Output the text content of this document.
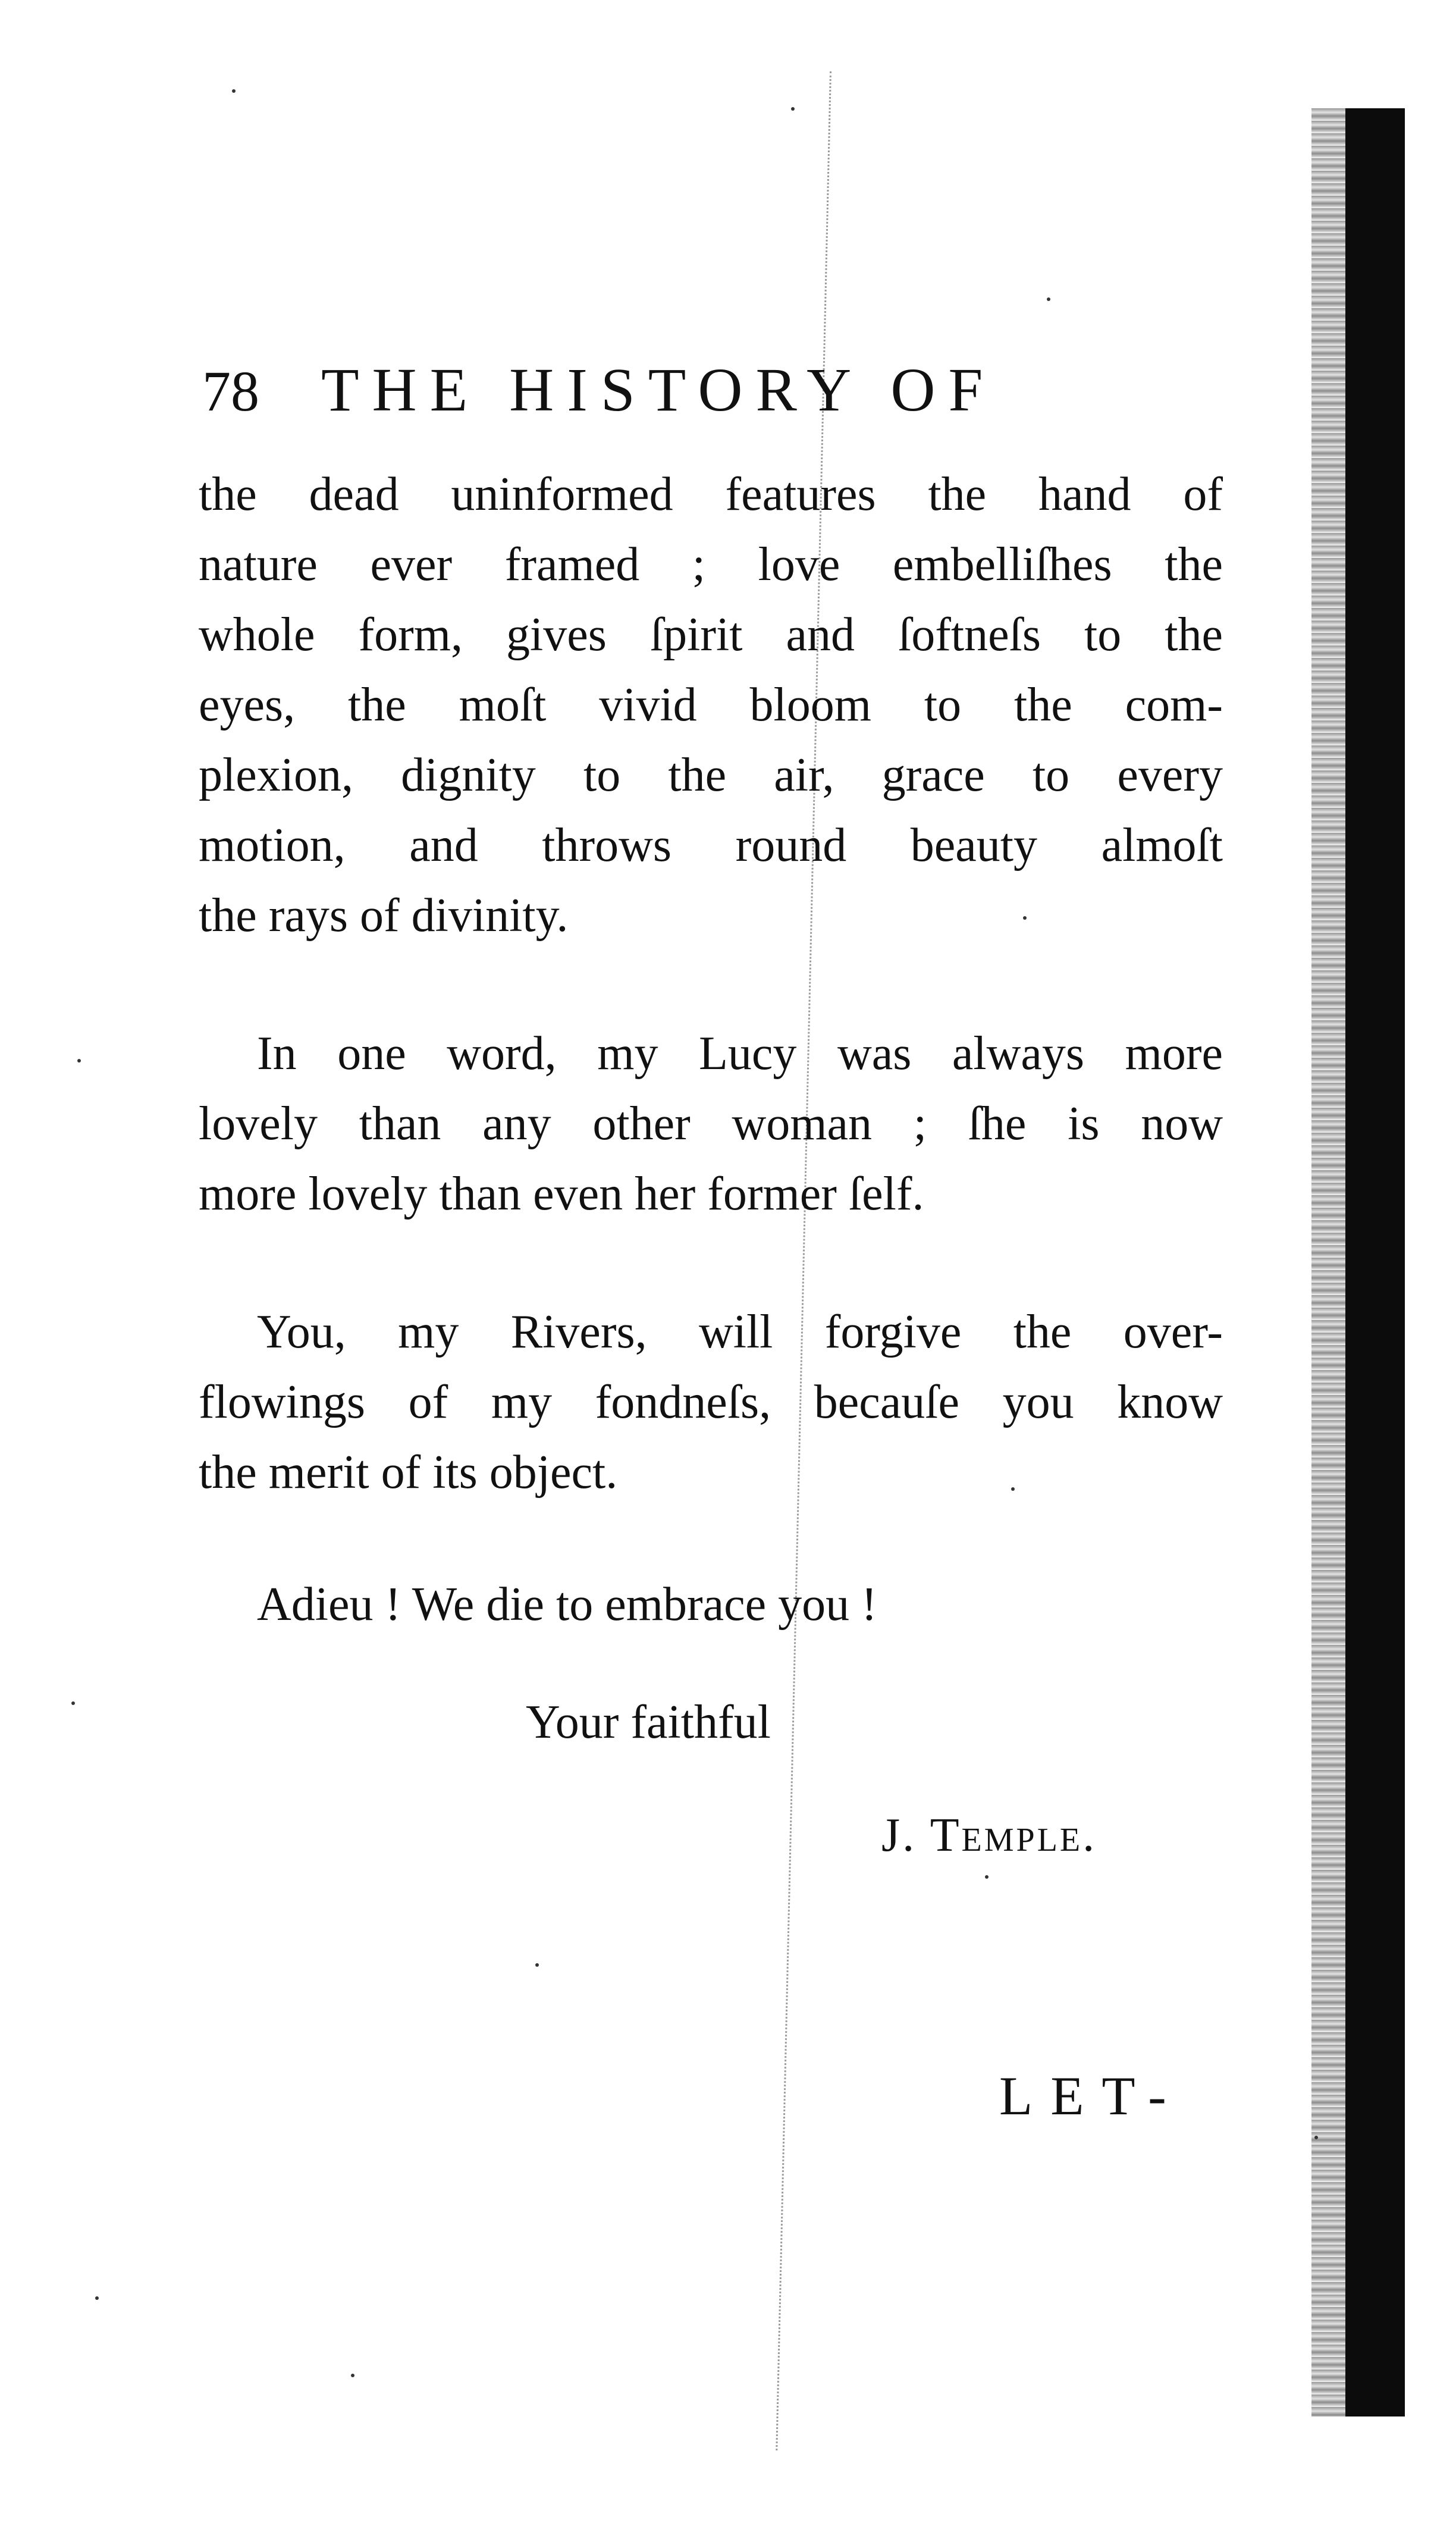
78 THE HISTORY OF
the dead uninformed features the hand of
nature ever framed ; love embelliſhes the
whole form, gives ſpirit and ſoftneſs to the
eyes, the moſt vivid bloom to the com-
plexion, dignity to the air, grace to every
motion, and throws round beauty almoſt
the rays of divinity.
In one word, my Lucy was always more
lovely than any other woman ; ſhe is now
more lovely than even her former ſelf.
You, my Rivers, will forgive the over-
flowings of my fondneſs, becauſe you know
the merit of its object.
Adieu ! We die to embrace you !
Your faithful
J. Temple.
LET-
